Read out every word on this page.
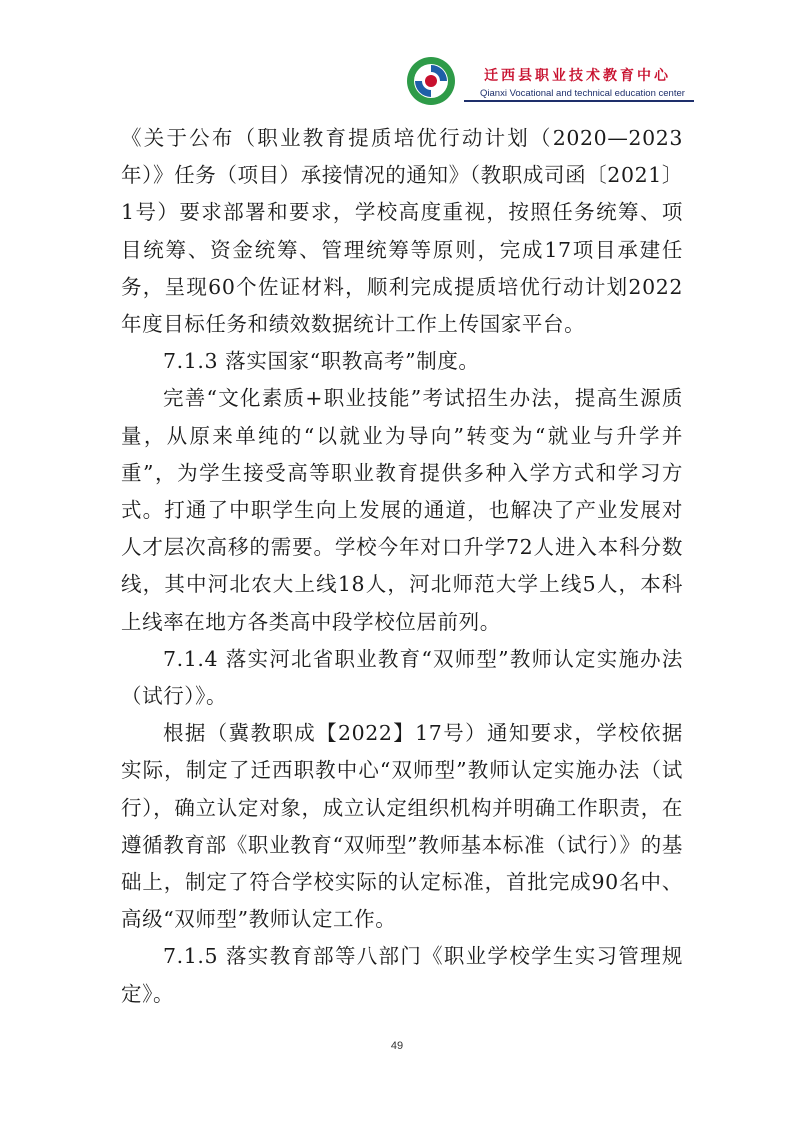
迁西县职业技术教育中心
Qianxi Vocational and technical education center

《关于公布（职业教育提质培优行动计划（2020—2023年）》任务（项目）承接情况的通知》（教职成司函〔2021〕1号）要求部署和要求，学校高度重视，按照任务统筹、项目统筹、资金统筹、管理统筹等原则，完成17项目承建任务，呈现60个佐证材料，顺利完成提质培优行动计划2022年度目标任务和绩效数据统计工作上传国家平台。

7.1.3 落实国家“职教高考”制度。

完善“文化素质+职业技能”考试招生办法，提高生源质量，从原来单纯的“以就业为导向”转变为“就业与升学并重”，为学生接受高等职业教育提供多种入学方式和学习方式。打通了中职学生向上发展的通道，也解决了产业发展对人才层次高移的需要。学校今年对口升学72人进入本科分数线，其中河北农大上线18人，河北师范大学上线5人，本科上线率在地方各类高中段学校位居前列。

7.1.4 落实河北省职业教育“双师型”教师认定实施办法（试行）》。

根据（冀教职成【2022】17号）通知要求，学校依据实际，制定了迁西职教中心“双师型”教师认定实施办法（试行），确立认定对象，成立认定组织机构并明确工作职责，在遵循教育部《职业教育“双师型”教师基本标准（试行）》的基础上，制定了符合学校实际的认定标准，首批完成90名中、高级“双师型”教师认定工作。

7.1.5 落实教育部等八部门《职业学校学生实习管理规定》。

49
